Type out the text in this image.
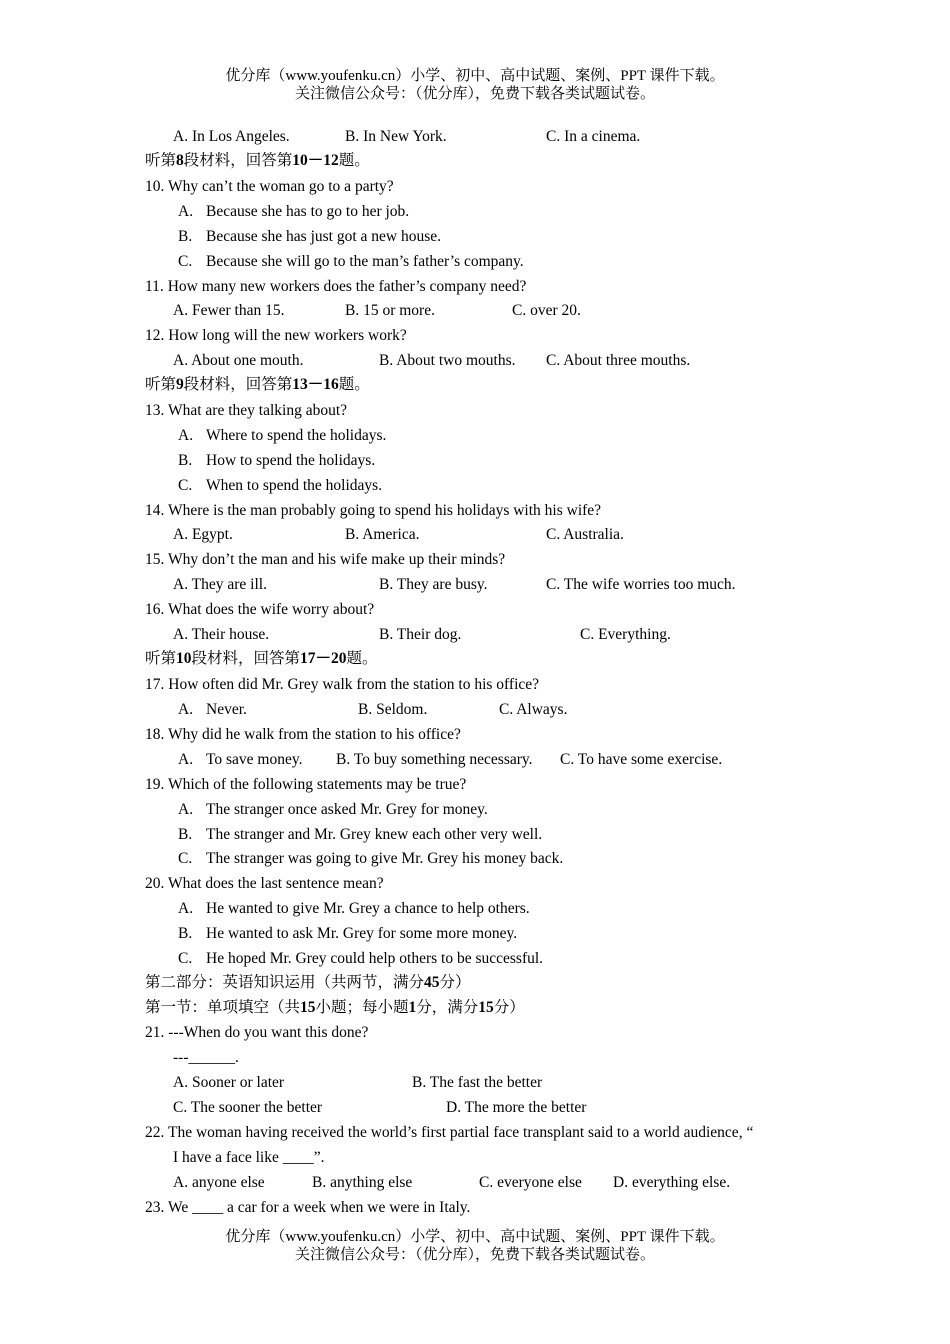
优分库（www.youfenku.cn）小学、初中、高中试题、案例、PPT 课件下载。
关注微信公众号：（优分库），免费下载各类试题试卷。
A. In Los Angeles.	B. In New York.	C. In a cinema.
听第8段材料，回答第10－12题。
10. Why can’t the woman go to a party?
A. Because she has to go to her job.
B. Because she has just got a new house.
C. Because she will go to the man’s father’s company.
11. How many new workers does the father’s company need?
A. Fewer than 15.	B. 15 or more.	C. over 20.
12. How long will the new workers work?
A. About one mouth.	B. About two mouths. C. About three mouths.
听第9段材料，回答第13－16题。
13. What are they talking about?
A. Where to spend the holidays.
B. How to spend the holidays.
C. When to spend the holidays.
14. Where is the man probably going to spend his holidays with his wife?
A. Egypt.	B. America.	C. Australia.
15. Why don’t the man and his wife make up their minds?
A. They are ill.	B. They are busy.	C. The wife worries too much.
16. What does the wife worry about?
A. Their house.	B. Their dog.	C. Everything.
听第10段材料，回答第17－20题。
17. How often did Mr. Grey walk from the station to his office?
A. Never.	B. Seldom.	C. Always.
18. Why did he walk from the station to his office?
A. To save money. B. To buy something necessary. C. To have some exercise.
19. Which of the following statements may be true?
A. The stranger once asked Mr. Grey for money.
B. The stranger and Mr. Grey knew each other very well.
C. The stranger was going to give Mr. Grey his money back.
20. What does the last sentence mean?
A. He wanted to give Mr. Grey a chance to help others.
B. He wanted to ask Mr. Grey for some more money.
C. He hoped Mr. Grey could help others to be successful.
第二部分：英语知识运用（共两节，满分45分）
第一节：单项填空（共15小题；每小题1分，满分15分）
21. ---When do you want this done?
---______.
A. Sooner or later	B. The fast the better
C. The sooner the better	D. The more the better
22. The woman having received the world’s first partial face transplant said to a world audience, “
I have a face like ____”.
A. anyone else	B. anything else	C. everyone else D. everything else.
23. We ____ a car for a week when we were in Italy.
优分库（www.youfenku.cn）小学、初中、高中试题、案例、PPT 课件下载。
关注微信公众号：（优分库），免费下载各类试题试卷。
